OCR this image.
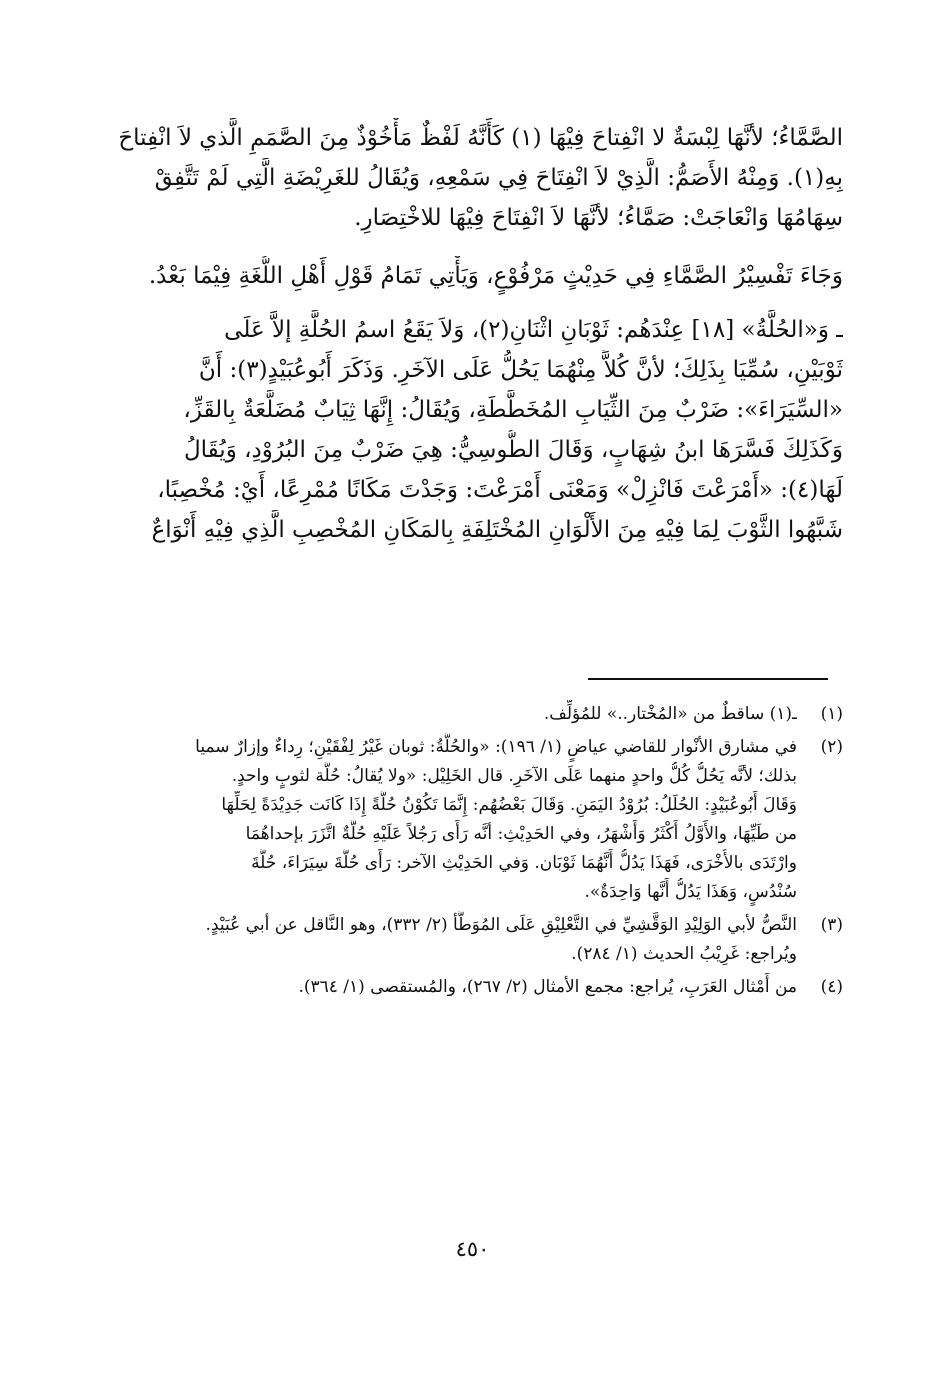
الصَّمَّاءُ؛ لأنَّهَا لِبْسَةٌ لا انْفِتاحَ فِيْهَا (١) كَأَنَّهُ لَفْظٌ مَأْخُوْذٌ مِنَ الصَّمَمِ الَّذي لاَ انْفِتاحَ
بِهِ(١). وَمِنْهُ الأَصَمُّ: الَّذِيْ لاَ انْفِتَاحَ فِي سَمْعِهِ، وَيُقَالُ للغَرِيْضَةِ الَّتِي لَمْ تَتَّفِقْ
سِهَامُهَا وَانْعَاجَتْ: صَمَّاءُ؛ لأنَّهَا لاَ انْفِتَاحَ فِيْهَا للاخْتِصَارِ.
وَجَاءَ تَفْسِيْرُ الصَّمَّاءِ فِي حَدِيْثٍ مَرْفُوْعٍ، وَيَأْتِي تَمَامُ قَوْلِ أَهْلِ اللُّغَةِ فِيْمَا بَعْدُ.
ـ وَ«الحُلَّةُ» [١٨] عِنْدَهُم: ثَوْبَانِ اثْنَانِ(٢)، وَلاَ يَقَعُ اسمُ الحُلَّةِ إلاَّ عَلَى
ثَوْبَيْنِ، سُمِّيَا بِذَلِكَ؛ لأنَّ كُلاًّ مِنْهُمَا يَحُلُّ عَلَى الآخَرِ. وَذَكَرَ أَبُوعُبَيْدٍ(٣): أَنَّ
«السِّيَرَاءَ»: ضَرْبٌ مِنَ الثِّيَابِ المُخَطَّطَةِ، وَيُقَالُ: إِنَّهَا ثِيَابٌ مُضَلَّعَةٌ بِالقَزِّ،
وَكَذَلِكَ فَسَّرَهَا ابنُ شِهَابٍ، وَقَالَ الطُّوسِيُّ: هِيَ ضَرْبٌ مِنَ البُرُوْدِ، وَيُقَالُ
لَهَا(٤): «أَمْرَعْتَ فَانْزِلْ» وَمَعْنَى أَمْرَعْتَ: وَجَدْتَ مَكَانًا مُمْرِعًا، أَيْ: مُخْصِبًا،
شَبَّهُوا الثَّوْبَ لِمَا فِيْهِ مِنَ الأَلْوَانِ المُخْتَلِفَةِ بِالمَكَانِ المُخْصِبِ الَّذِي فِيْهِ أَنْوَاعٌ
(١)
ـ(١) ساقطٌ من «المُخْتار..» للمُؤلِّف.
(٢)
في مشارق الأنْوار للقاضي عياضٍ (١/ ١٩٦): «والحُلَّةُ: ثوبان غَيْرُ لِفْقَيْنِ؛ رِداءٌ وإزارٌ سميا
بذلك؛ لأنَّه يَحُلُّ كُلُّ واحدٍ منهما عَلَى الآخَرِ. قال الخَلِيْل: «ولا يُقالُ: حُلَّة لثوبٍ واحدٍ.
وَقَالَ أَبُوعُبَيْدٍ: الحُلَلُ: بُرُوْدُ اليَمَنِ. وَقَالَ بَعْضُهُم: إِنَّمَا تَكُوْنُ حُلَّةً إِذَا كَانَت جَدِيْدَةً لِحَلِّهَا
من طَيِّهَا، والأَوَّلُ أَكْثَرُ وَأَشْهَرُ، وفي الحَدِيْثِ: أنَّه رَأَى رَجُلاً عَلَيْهِ حُلَّةٌ اتَّزَرَ بإحداهُمَا
وارْتَدَى بالأُخْرَى، فَهَذَا يَدُلُّ أَنَّهُمَا ثَوْبَان. وَفي الحَدِيْثِ الآخر: رَأَى حُلَّةَ سِيَرَاءَ، حُلَّةَ
سُنْدُسٍ، وَهَذَا يَدُلُّ أَنَّها وَاحِدَةٌ».
(٣)
النَّصُّ لأبي الوَلِيْدِ الوَقَّشِيِّ في التَّعْلِيْقِ عَلَى المُوَطَّأ (٢/ ٣٣٢)، وهو النَّاقل عن أبي عُبَيْدٍ.
ويُراجع: غَرِيْبُ الحديث (١/ ٢٨٤).
(٤)
من أَمْثال العَرَبِ، يُراجع: مجمع الأمثال (٢/ ٢٦٧)، والمُستقصى (١/ ٣٦٤).
٤٥٠
